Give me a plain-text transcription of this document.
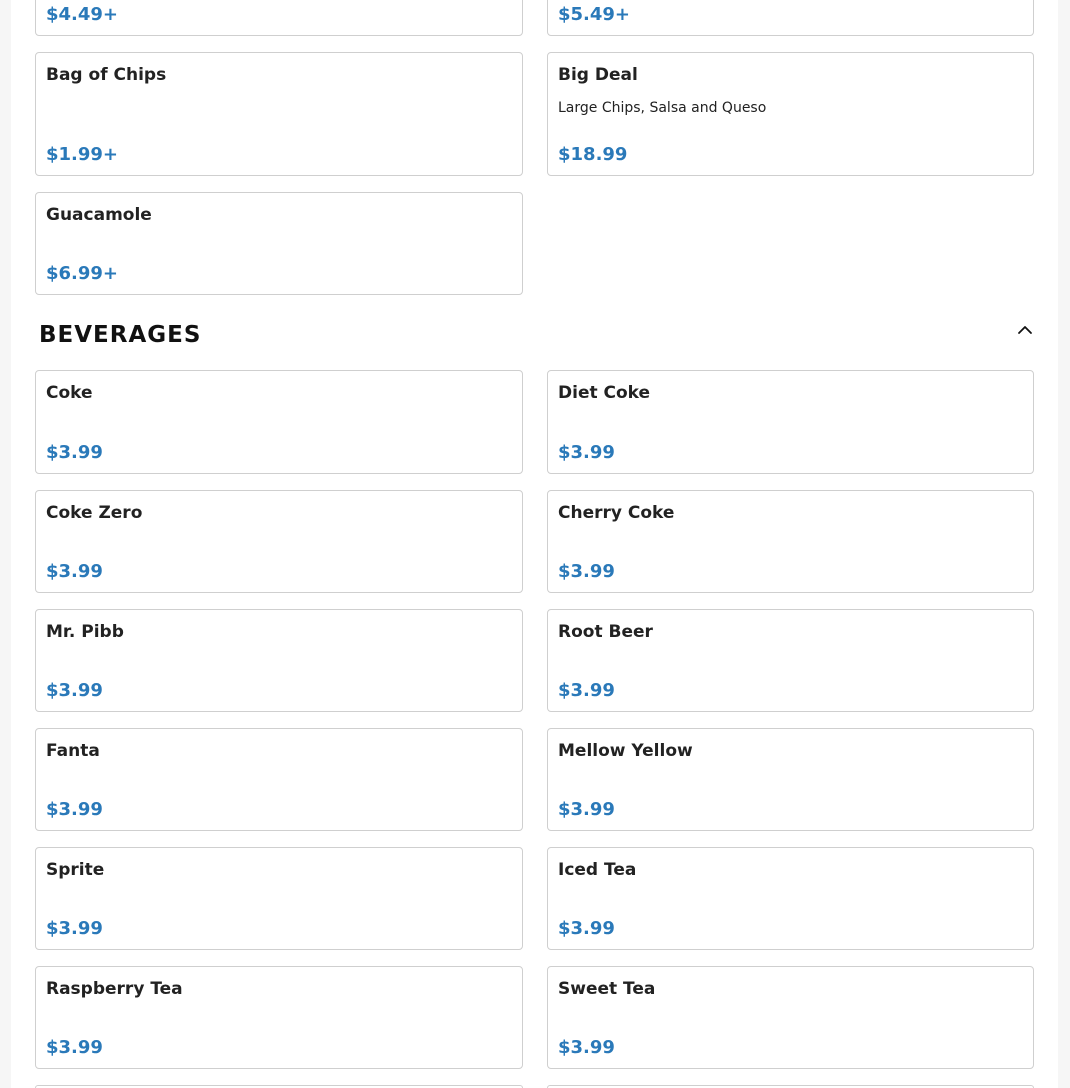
$4.49+	$5.49+
Bag of Chips
$1.99+
Big Deal
Large Chips, Salsa and Queso
$18.99
Guacamole
$6.99+
BEVERAGES
Coke
$3.99
Diet Coke
$3.99
Coke Zero
$3.99
Cherry Coke
$3.99
Mr. Pibb
$3.99
Root Beer
$3.99
Fanta
$3.99
Mellow Yellow
$3.99
Sprite
$3.99
Iced Tea
$3.99
Raspberry Tea
$3.99
Sweet Tea
$3.99
